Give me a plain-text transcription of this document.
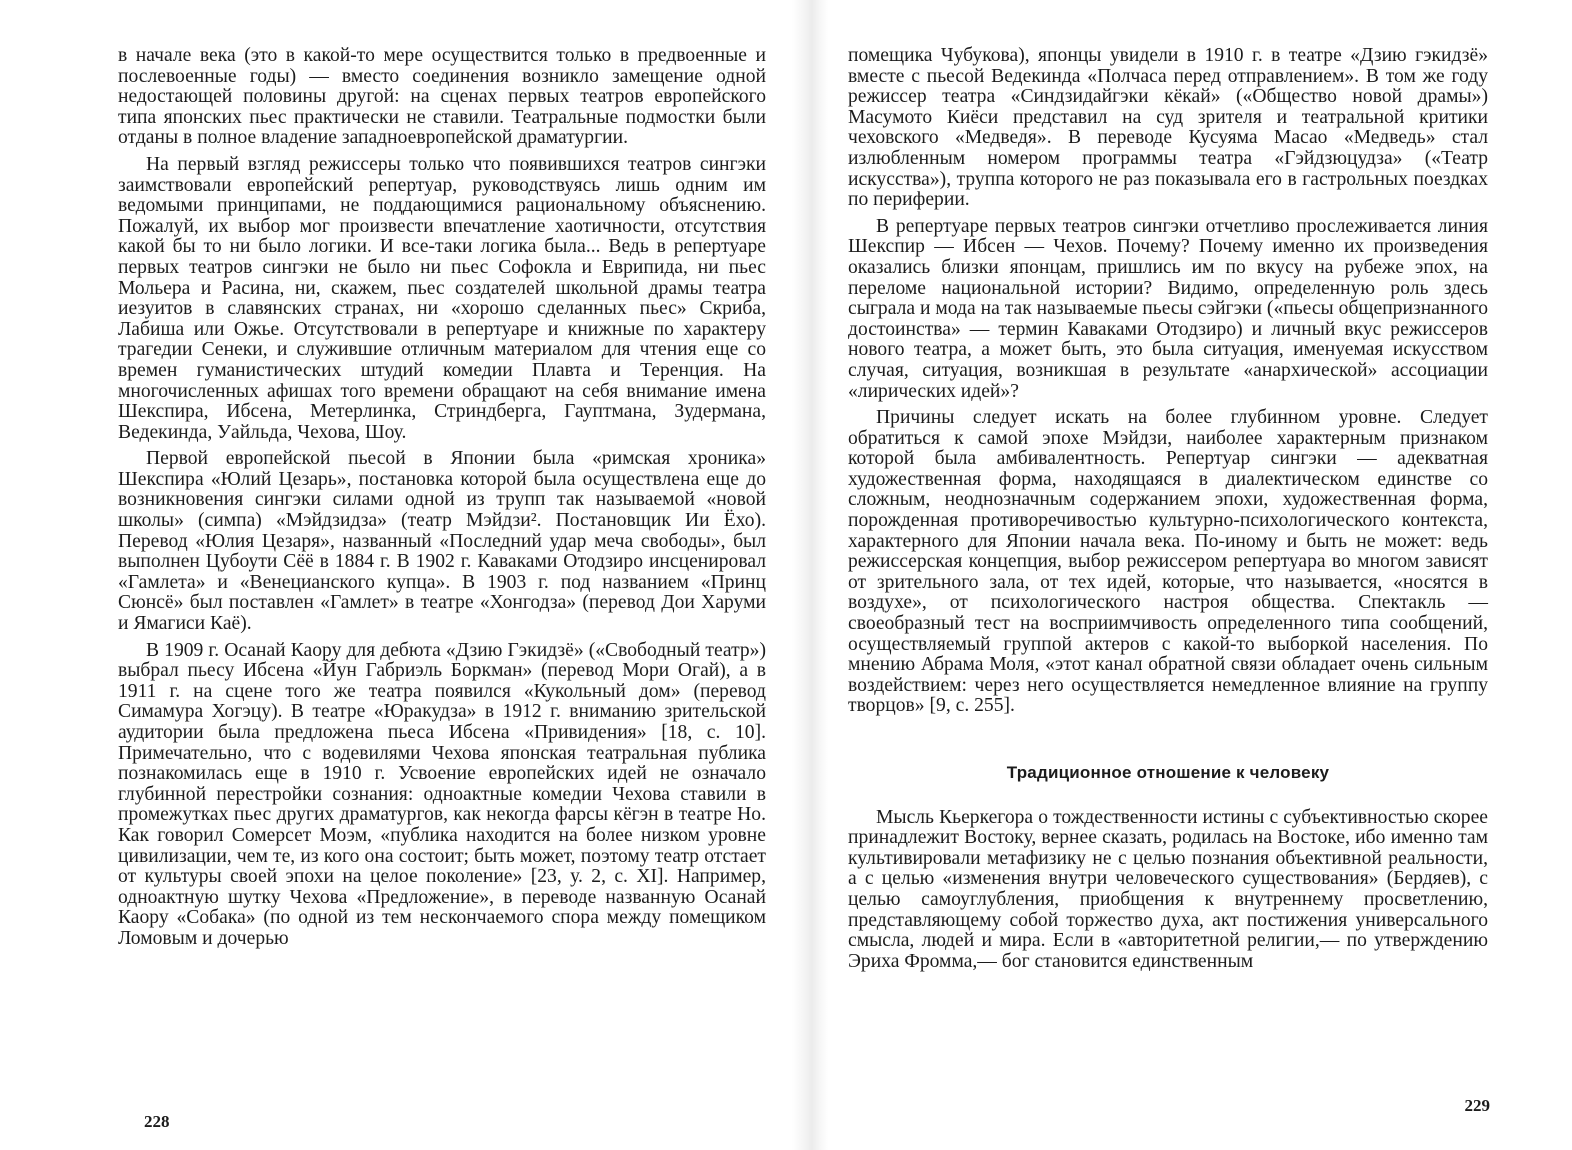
в начале века (это в какой-то мере осуществится только в предвоенные и послевоенные годы) — вместо соединения возникло замещение одной недостающей половины другой: на сценах первых театров европейского типа японских пьес практически не ставили. Театральные подмостки были отданы в полное владение западноевропейской драматургии.

На первый взгляд режиссеры только что появившихся театров сингэки заимствовали европейский репертуар, руководствуясь лишь одним им ведомыми принципами, не поддающимися рациональному объяснению. Пожалуй, их выбор мог произвести впечатление хаотичности, отсутствия какой бы то ни было логики. И все-таки логика была... Ведь в репертуаре первых театров сингэки не было ни пьес Софокла и Еврипида, ни пьес Мольера и Расина, ни, скажем, пьес создателей школьной драмы театра иезуитов в славянских странах, ни «хорошо сделанных пьес» Скриба, Лабиша или Ожье. Отсутствовали в репертуаре и книжные по характеру трагедии Сенеки, и служившие отличным материалом для чтения еще со времен гуманистических штудий комедии Плавта и Теренция. На многочисленных афишах того времени обращают на себя внимание имена Шекспира, Ибсена, Метерлинка, Стриндберга, Гауптмана, Зудермана, Ведекинда, Уайльда, Чехова, Шоу.

Первой европейской пьесой в Японии была «римская хроника» Шекспира «Юлий Цезарь», постановка которой была осуществлена еще до возникновения сингэки силами одной из трупп так называемой «новой школы» (симпа) «Мэйдзидза» (театр Мэйдзи². Постановщик Ии Ёхо). Перевод «Юлия Цезаря», названный «Последний удар меча свободы», был выполнен Цубоути Сёё в 1884 г. В 1902 г. Каваками Отодзиро инсценировал «Гамлета» и «Венецианского купца». В 1903 г. под названием «Принц Сюнсё» был поставлен «Гамлет» в театре «Хонгодза» (перевод Дои Харуми и Ямагиси Каё).

В 1909 г. Осанай Каору для дебюта «Дзию Гэкидзё» («Свободный театр») выбрал пьесу Ибсена «Йун Габриэль Боркман» (перевод Мори Огай), а в 1911 г. на сцене того же театра появился «Кукольный дом» (перевод Симамура Хогэцу). В театре «Юракудза» в 1912 г. вниманию зрительской аудитории была предложена пьеса Ибсена «Привидения» [18, с. 10]. Примечательно, что с водевилями Чехова японская театральная публика познакомилась еще в 1910 г. Усвоение европейских идей не означало глубинной перестройки сознания: одноактные комедии Чехова ставили в промежутках пьес других драматургов, как некогда фарсы кёгэн в театре Но. Как говорил Сомерсет Моэм, «публика находится на более низком уровне цивилизации, чем те, из кого она состоит; быть может, поэтому театр отстает от культуры своей эпохи на целое поколение» [23, у. 2, с. XI]. Например, одноактную шутку Чехова «Предложение», в переводе названную Осанай Каору «Собака» (по одной из тем нескончаемого спора между помещиком Ломовым и дочерью

228

помещика Чубукова), японцы увидели в 1910 г. в театре «Дзию гэкидзё» вместе с пьесой Ведекинда «Полчаса перед отправлением». В том же году режиссер театра «Синдзидайгэки кёкай» («Общество новой драмы») Масумото Киёси представил на суд зрителя и театральной критики чеховского «Медведя». В переводе Кусуяма Масао «Медведь» стал излюбленным номером программы театра «Гэйдзюцудза» («Театр искусства»), труппа которого не раз показывала его в гастрольных поездках по периферии.

В репертуаре первых театров сингэки отчетливо прослеживается линия Шекспир — Ибсен — Чехов. Почему? Почему именно их произведения оказались близки японцам, пришлись им по вкусу на рубеже эпох, на переломе национальной истории? Видимо, определенную роль здесь сыграла и мода на так называемые пьесы сэйгэки («пьесы общепризнанного достоинства» — термин Каваками Отодзиро) и личный вкус режиссеров нового театра, а может быть, это была ситуация, именуемая искусством случая, ситуация, возникшая в результате «анархической» ассоциации «лирических идей»?

Причины следует искать на более глубинном уровне. Следует обратиться к самой эпохе Мэйдзи, наиболее характерным признаком которой была амбивалентность. Репертуар сингэки — адекватная художественная форма, находящаяся в диалектическом единстве со сложным, неоднозначным содержанием эпохи, художественная форма, порожденная противоречивостью культурно-психологического контекста, характерного для Японии начала века. По-иному и быть не может: ведь режиссерская концепция, выбор режиссером репертуара во многом зависят от зрительного зала, от тех идей, которые, что называется, «носятся в воздухе», от психологического настроя общества. Спектакль — своеобразный тест на восприимчивость определенного типа сообщений, осуществляемый группой актеров с какой-то выборкой населения. По мнению Абрама Моля, «этот канал обратной связи обладает очень сильным воздействием: через него осуществляется немедленное влияние на группу творцов» [9, с. 255].

Традиционное отношение к человеку

Мысль Кьеркегора о тождественности истины с субъективностью скорее принадлежит Востоку, вернее сказать, родилась на Востоке, ибо именно там культивировали метафизику не с целью познания объективной реальности, а с целью «изменения внутри человеческого существования» (Бердяев), с целью самоуглубления, приобщения к внутреннему просветлению, представляющему собой торжество духа, акт постижения универсального смысла, людей и мира. Если в «авторитетной религии,— по утверждению Эриха Фромма,— бог становится единственным

229
